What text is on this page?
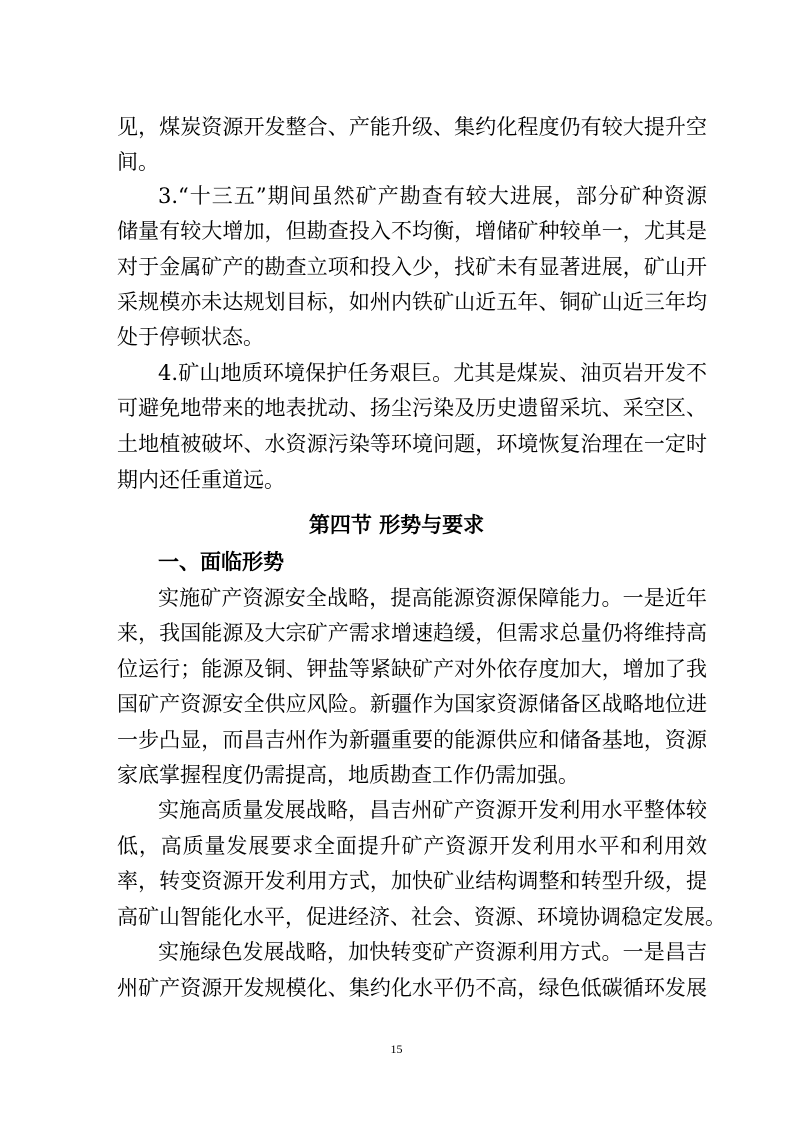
见，煤炭资源开发整合、产能升级、集约化程度仍有较大提升空
间。
3.“十三五”期间虽然矿产勘查有较大进展，部分矿种资源
储量有较大增加，但勘查投入不均衡，增储矿种较单一，尤其是
对于金属矿产的勘查立项和投入少，找矿未有显著进展，矿山开
采规模亦未达规划目标，如州内铁矿山近五年、铜矿山近三年均
处于停顿状态。
4.矿山地质环境保护任务艰巨。尤其是煤炭、油页岩开发不
可避免地带来的地表扰动、扬尘污染及历史遗留采坑、采空区、
土地植被破坏、水资源污染等环境问题，环境恢复治理在一定时
期内还任重道远。
第四节 形势与要求
一、面临形势
实施矿产资源安全战略，提高能源资源保障能力。一是近年
来，我国能源及大宗矿产需求增速趋缓，但需求总量仍将维持高
位运行；能源及铜、钾盐等紧缺矿产对外依存度加大，增加了我
国矿产资源安全供应风险。新疆作为国家资源储备区战略地位进
一步凸显，而昌吉州作为新疆重要的能源供应和储备基地，资源
家底掌握程度仍需提高，地质勘查工作仍需加强。
实施高质量发展战略，昌吉州矿产资源开发利用水平整体较
低，高质量发展要求全面提升矿产资源开发利用水平和利用效
率，转变资源开发利用方式，加快矿业结构调整和转型升级，提
高矿山智能化水平，促进经济、社会、资源、环境协调稳定发展。
实施绿色发展战略，加快转变矿产资源利用方式。一是昌吉
州矿产资源开发规模化、集约化水平仍不高，绿色低碳循环发展
15
